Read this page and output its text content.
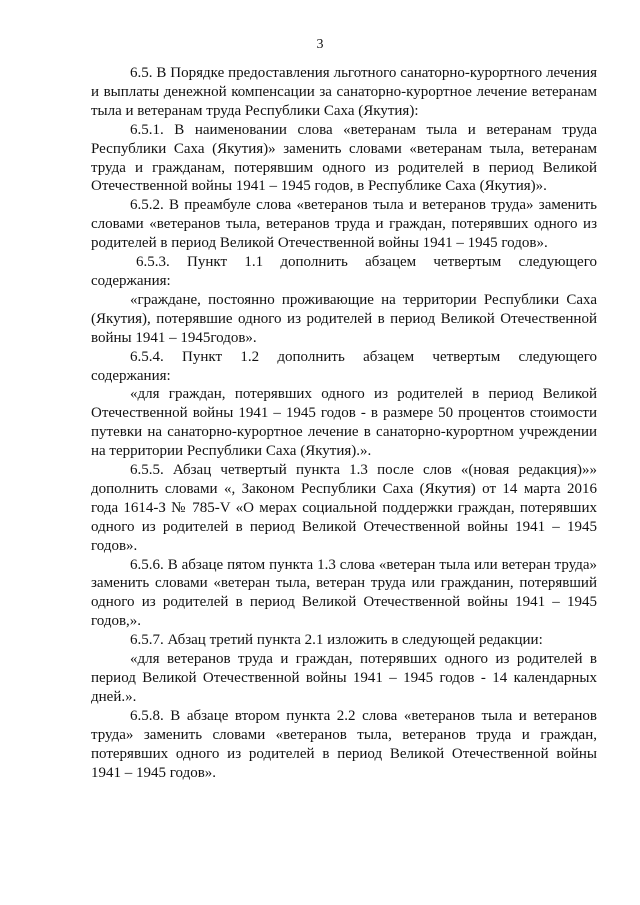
3

6.5. В Порядке предоставления льготного санаторно-курортного лечения и выплаты денежной компенсации за санаторно-курортное лечение ветеранам тыла и ветеранам труда Республики Саха (Якутия):

6.5.1. В наименовании слова «ветеранам тыла и ветеранам труда Республики Саха (Якутия)» заменить словами «ветеранам тыла, ветеранам труда и гражданам, потерявшим одного из родителей в период Великой Отечественной войны 1941 – 1945 годов, в Республике Саха (Якутия)».

6.5.2. В преамбуле слова «ветеранов тыла и ветеранов труда» заменить словами «ветеранов тыла, ветеранов труда и граждан, потерявших одного из родителей в период Великой Отечественной войны 1941 – 1945 годов».

6.5.3. Пункт 1.1 дополнить абзацем четвертым следующего содержания:

«граждане, постоянно проживающие на территории Республики Саха (Якутия), потерявшие одного из родителей в период Великой Отечественной войны 1941 – 1945годов».

6.5.4. Пункт 1.2 дополнить абзацем четвертым следующего содержания:

«для граждан, потерявших одного из родителей в период Великой Отечественной войны 1941 – 1945 годов - в размере 50 процентов стоимости путевки на санаторно-курортное лечение в санаторно-курортном учреждении на территории Республики Саха (Якутия).».

6.5.5. Абзац четвертый пункта 1.3 после слов «(новая редакция)»» дополнить словами «, Законом Республики Саха (Якутия) от 14 марта 2016 года 1614-З № 785-V «О мерах социальной поддержки граждан, потерявших одного из родителей в период Великой Отечественной войны 1941 – 1945 годов».

6.5.6. В абзаце пятом пункта 1.3 слова «ветеран тыла или ветеран труда» заменить словами «ветеран тыла, ветеран труда или гражданин, потерявший одного из родителей в период Великой Отечественной войны 1941 – 1945 годов,».

6.5.7. Абзац третий пункта 2.1 изложить в следующей редакции:

«для ветеранов труда и граждан, потерявших одного из родителей в период Великой Отечественной войны 1941 – 1945 годов - 14 календарных дней.».

6.5.8. В абзаце втором пункта 2.2 слова «ветеранов тыла и ветеранов труда» заменить словами «ветеранов тыла, ветеранов труда и граждан, потерявших одного из родителей в период Великой Отечественной войны 1941 – 1945 годов».
